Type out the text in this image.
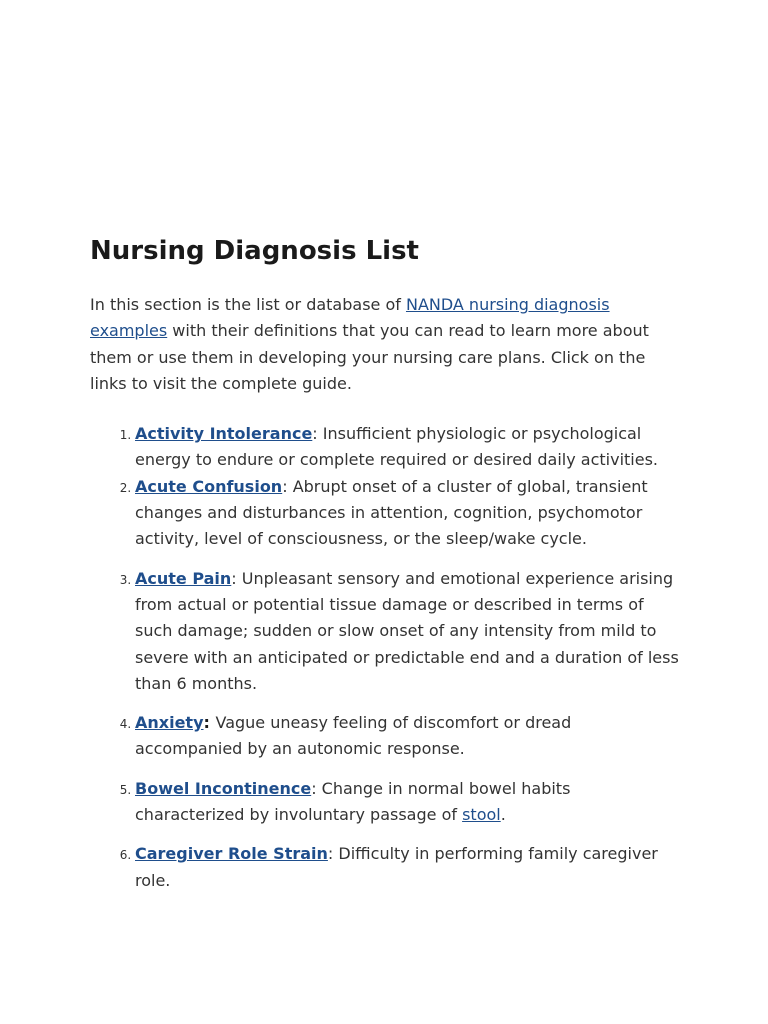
Nursing Diagnosis List

In this section is the list or database of NANDA nursing diagnosis examples with their definitions that you can read to learn more about them or use them in developing your nursing care plans. Click on the links to visit the complete guide.

1. Activity Intolerance: Insufficient physiologic or psychological energy to endure or complete required or desired daily activities.
2. Acute Confusion: Abrupt onset of a cluster of global, transient changes and disturbances in attention, cognition, psychomotor activity, level of consciousness, or the sleep/wake cycle.
3. Acute Pain: Unpleasant sensory and emotional experience arising from actual or potential tissue damage or described in terms of such damage; sudden or slow onset of any intensity from mild to severe with an anticipated or predictable end and a duration of less than 6 months.
4. Anxiety: Vague uneasy feeling of discomfort or dread accompanied by an autonomic response.
5. Bowel Incontinence: Change in normal bowel habits characterized by involuntary passage of stool.
6. Caregiver Role Strain: Difficulty in performing family caregiver role.
